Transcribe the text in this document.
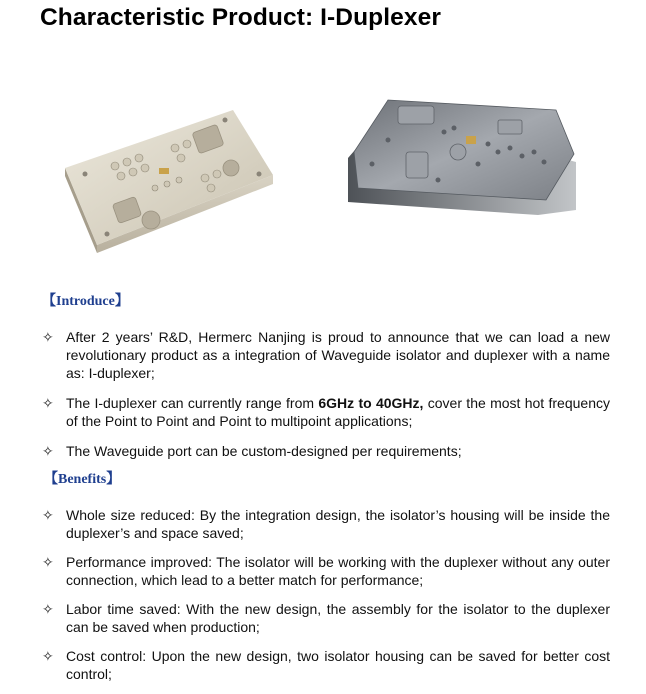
Characteristic Product: I-Duplexer
【Introduce】
✧ After 2 years’ R&D, Hermerc Nanjing is proud to announce that we can load a new revolutionary product as a integration of Waveguide isolator and duplexer with a name as: I-duplexer;
✧ The I-duplexer can currently range from 6GHz to 40GHz, cover the most hot frequency of the Point to Point and Point to multipoint applications;
✧ The Waveguide port can be custom-designed per requirements;
【Benefits】
✧ Whole size reduced: By the integration design, the isolator’s housing will be inside the duplexer’s and space saved;
✧ Performance improved: The isolator will be working with the duplexer without any outer connection, which lead to a better match for performance;
✧ Labor time saved: With the new design, the assembly for the isolator to the duplexer can be saved when production;
✧ Cost control: Upon the new design, two isolator housing can be saved for better cost control;
